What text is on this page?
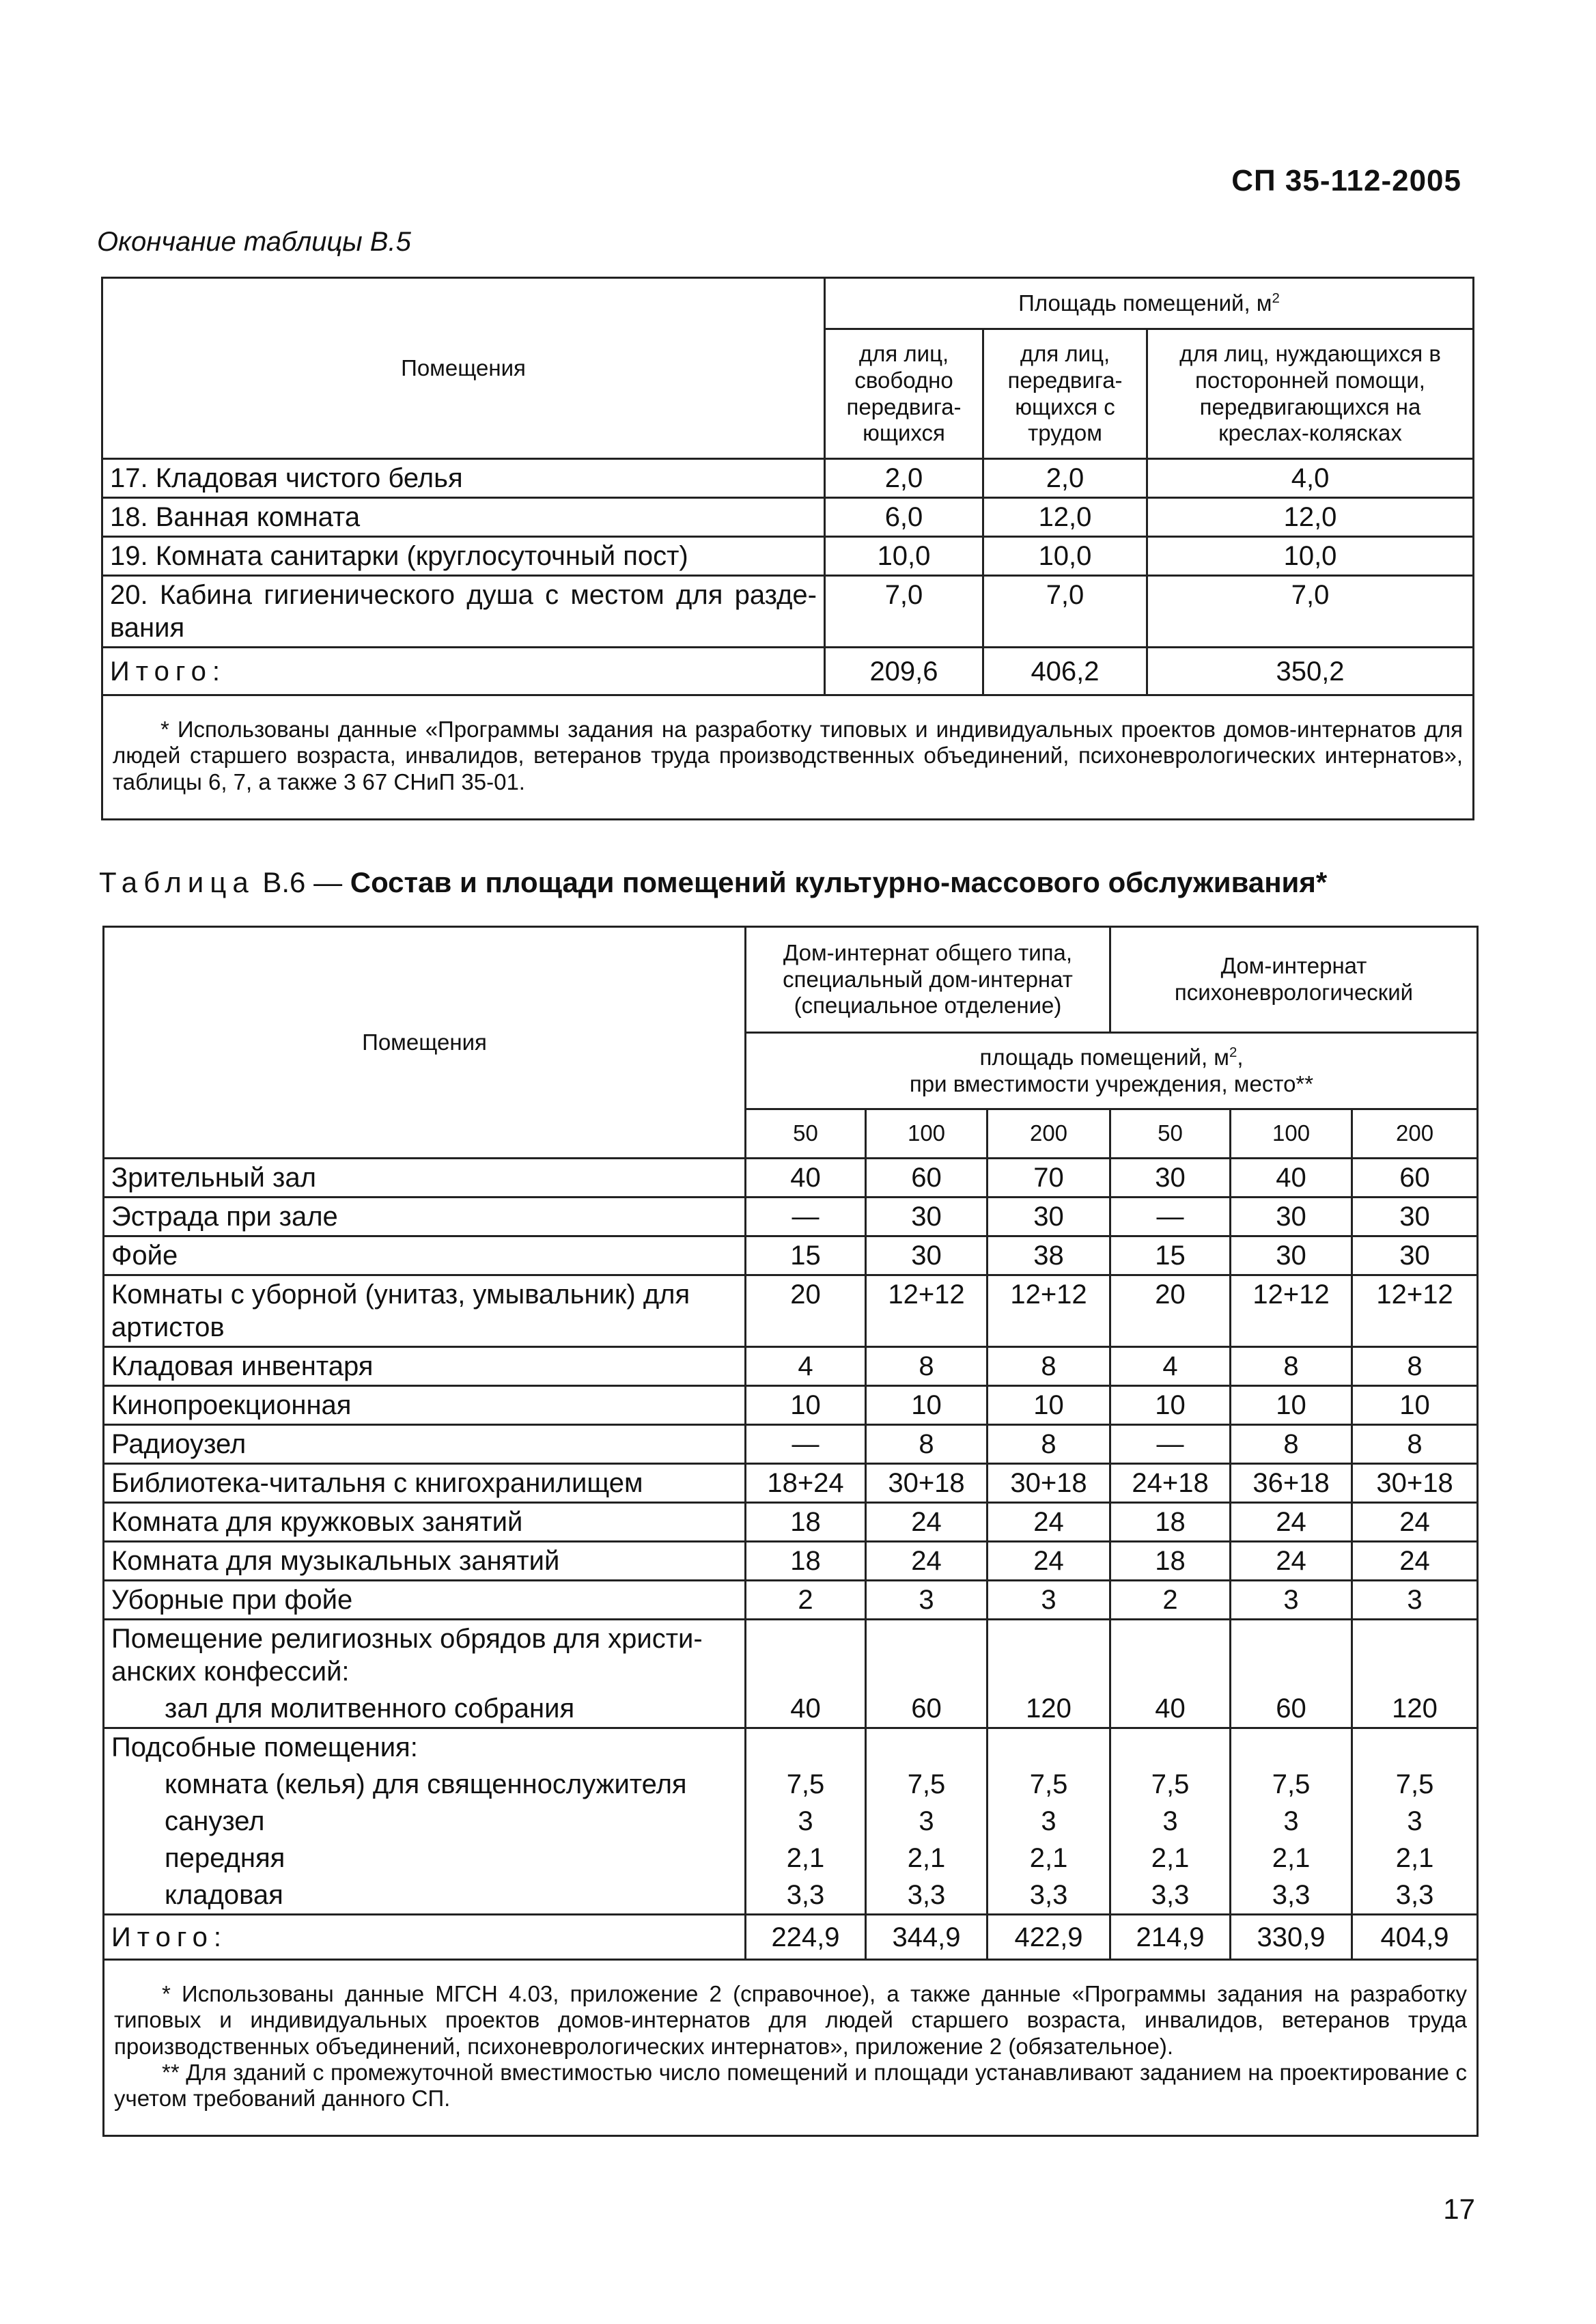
СП 35-112-2005
Окончание таблицы В.5
Помещения	Площадь помещений, $м^2$
	для лиц, свободно передвига-ющихся	для лиц, передвига-ющихся с трудом	для лиц, нуждающихся в посторонней помощи, передвигающихся на креслах-колясках
17. Кладовая чистого белья	2,0	2,0	4,0
18. Ванная комната	6,0	12,0	12,0
19. Комната санитарки (круглосуточный пост)	10,0	10,0	10,0
20. Кабина гигиенического душа с местом для разде-вания	7,0	7,0	7,0
Итого:	209,6	406,2	350,2

* Использованы данные «Программы задания на разработку типовых и индивидуальных проектов домов-интернатов для людей старшего возраста, инвалидов, ветеранов труда производственных объединений, психоневрологических интернатов», таблицы 6, 7, а также 3 67 СНиП 35-01.			

Таблица В.6 — Состав и площади помещений культурно-массового обслуживания*
Помещения	Дом-интернат общего типа, специальный дом-интернат (специальное отделение)			Дом-интернат психоневрологический		
	площадь помещений, $м^2$,
при вместимости учреждения, место**					
	50	100	200	50	100	200
Зрительный зал	40	60	70	30	40	60
Эстрада при зале	—	30	30	—	30	30
Фойе	15	30	38	15	30	30
Комнаты с уборной (унитаз, умывальник) для артистов	20	12+12	12+12	20	12+12	12+12
Кладовая инвентаря	4	8	8	4	8	8
Кинопроекционная	10	10	10	10	10	10
Радиоузел	—	8	8	—	8	8
Библиотека-читальня с книгохранилищем	18+24	30+18	30+18	24+18	36+18	30+18
Комната для кружковых занятий	18	24	24	18	24	24
Комната для музыкальных занятий	18	24	24	18	24	24
Уборные при фойе	2	3	3	2	3	3
Помещение религиозных обрядов для христи-анских конфессий:						
зал для молитвенного собрания	40	60	120	40	60	120
Подсобные помещения:						
комната (келья) для священнослужителя	7,5	7,5	7,5	7,5	7,5	7,5
санузел	3	3	3	3	3	3
передняя	2,1	2,1	2,1	2,1	2,1	2,1
кладовая	3,3	3,3	3,3	3,3	3,3	3,3
Итого:	224,9	344,9	422,9	214,9	330,9	404,9

* Использованы данные МГСН 4.03, приложение 2 (справочное), а также данные «Программы задания на разработку типовых и индивидуальных проектов домов-интернатов для людей старшего возраста, инвалидов, ветеранов труда производственных объединений, психоневрологических интернатов», приложение 2 (обязательное).

** Для зданий с промежуточной вместимостью число помещений и площади устанавливают заданием на проектирование с учетом требований данного СП.						

17
